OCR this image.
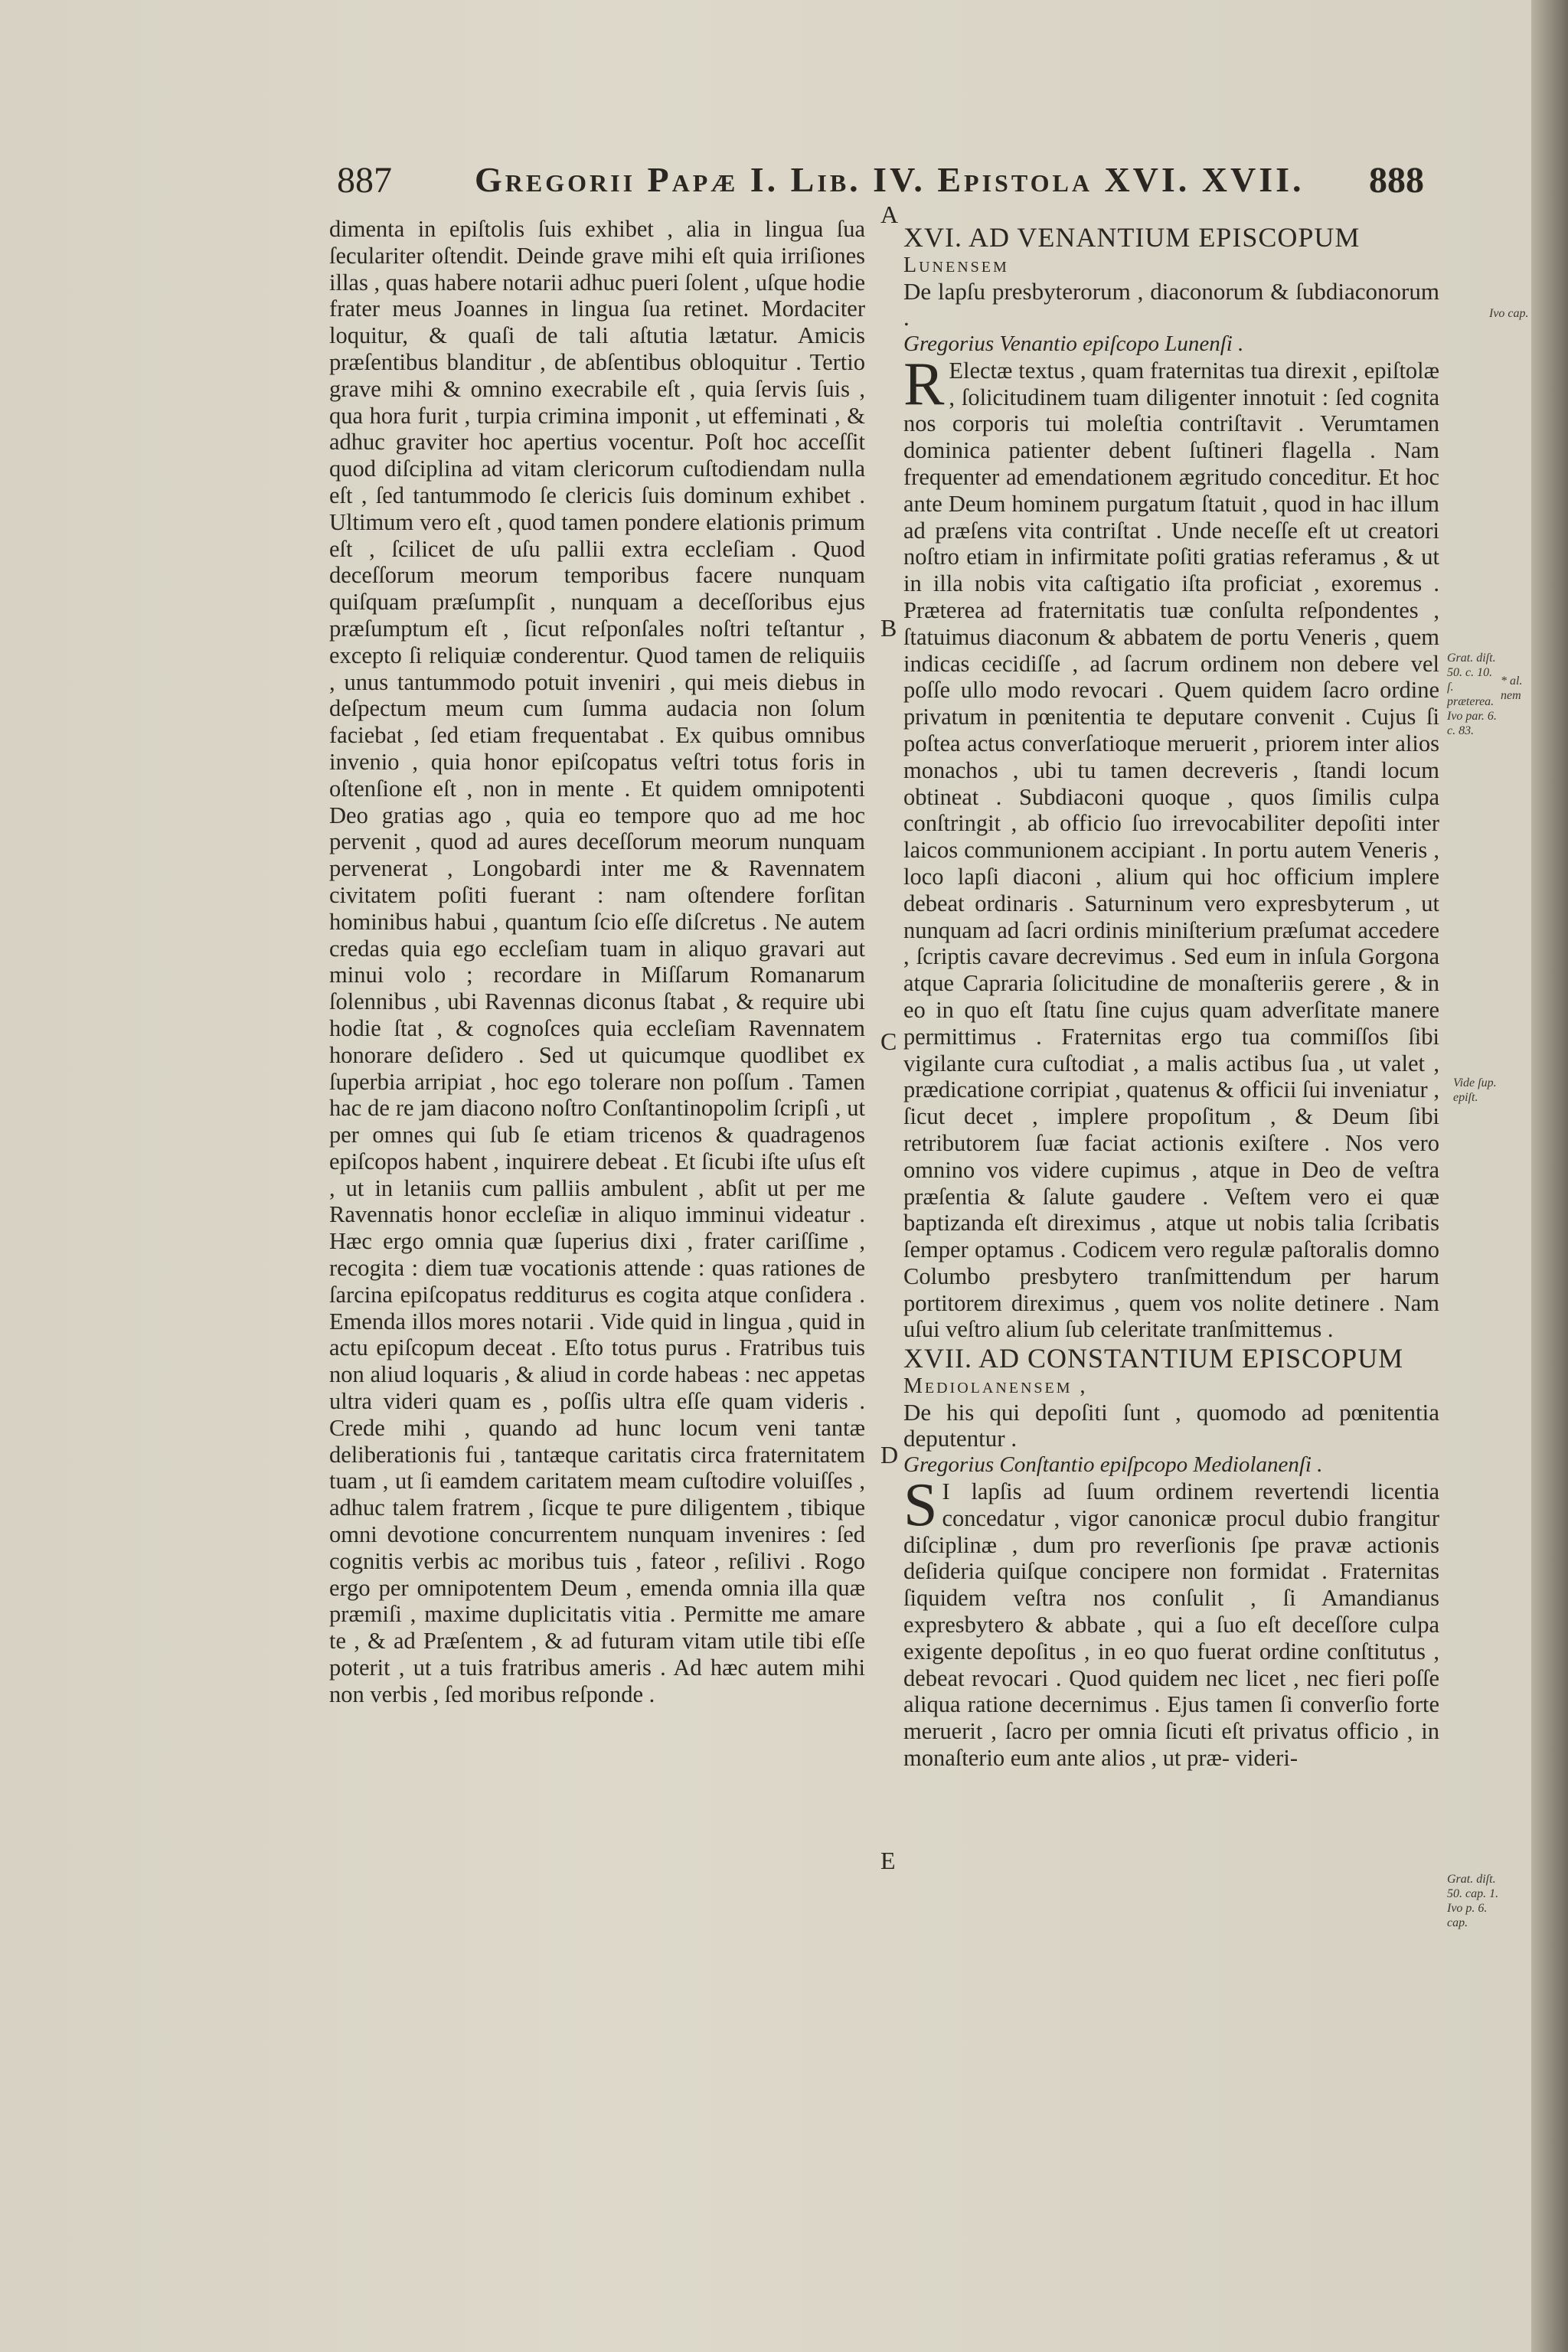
887 Gregorii Papæ I. Lib. IV. Epistola XVI. XVII. 888

dimenta in epiſtolis ſuis exhibet , alia in lingua ſua ſeculariter oſtendit. Deinde grave mihi eſt quia irriſiones illas , quas habere notarii adhuc pueri ſolent , uſque hodie frater meus Joannes in lingua ſua retinet. Mordaciter loquitur, & quaſi de tali aſtutia lætatur. Amicis præſentibus blanditur , de abſentibus obloquitur . Tertio grave mihi & omnino execrabile eſt , quia ſervis ſuis , qua hora furit , turpia crimina imponit , ut effeminati , & adhuc graviter hoc apertius vocentur. Poſt hoc acceſſit quod diſciplina ad vitam clericorum cuſtodiendam nulla eſt , ſed tantummodo ſe clericis ſuis dominum exhibet . Ultimum vero eſt , quod tamen pondere elationis primum eſt , ſcilicet de uſu pallii extra eccleſiam . Quod deceſſorum meorum temporibus facere nunquam quiſquam præſumpſit , nunquam a deceſſoribus ejus præſumptum eſt , ſicut reſponſales noſtri teſtantur , excepto ſi reliquiæ conderentur. Quod tamen de reliquiis , unus tantummodo potuit inveniri , qui meis diebus in deſpectum meum cum ſumma audacia non ſolum faciebat , ſed etiam frequentabat . Ex quibus omnibus invenio , quia honor epiſcopatus veſtri totus foris in oſtenſione eſt , non in mente . Et quidem omnipotenti Deo gratias ago , quia eo tempore quo ad me hoc pervenit , quod ad aures deceſſorum meorum nunquam pervenerat , Longobardi inter me & Ravennatem civitatem poſiti fuerant : nam oſtendere forſitan hominibus habui , quantum ſcio eſſe diſcretus . Ne autem credas quia ego eccleſiam tuam in aliquo gravari aut minui volo ; recordare in Miſſarum Romanarum ſolennibus , ubi Ravennas diconus ſtabat , & require ubi hodie ſtat , & cognoſces quia eccleſiam Ravennatem honorare deſidero . Sed ut quicumque quodlibet ex ſuperbia arripiat , hoc ego tolerare non poſſum . Tamen hac de re jam diacono noſtro Conſtantinopolim ſcripſi , ut per omnes qui ſub ſe etiam tricenos & quadragenos epiſcopos habent , inquirere debeat . Et ſicubi iſte uſus eſt , ut in letaniis cum palliis ambulent , abſit ut per me Ravennatis honor eccleſiæ in aliquo imminui videatur . Hæc ergo omnia quæ ſuperius dixi , frater cariſſime , recogita : diem tuæ vocationis attende : quas rationes de ſarcina epiſcopatus redditurus es cogita atque conſidera . Emenda illos mores notarii . Vide quid in lingua , quid in actu epiſcopum deceat . Eſto totus purus . Fratribus tuis non aliud loquaris , & aliud in corde habeas : nec appetas ultra videri quam es , poſſis ultra eſſe quam videris . Crede mihi , quando ad hunc locum veni tantæ deliberationis fui , tantæque caritatis circa fraternitatem tuam , ut ſi eamdem caritatem meam cuſtodire voluiſſes , adhuc talem fratrem , ſicque te pure diligentem , tibique omni devotione concurrentem nunquam invenires : ſed cognitis verbis ac moribus tuis , fateor , reſilivi . Rogo ergo per omnipotentem Deum , emenda omnia illa quæ præmiſi , maxime duplicitatis vitia . Permitte me amare te , & ad Præſentem , & ad futuram vitam utile tibi eſſe poterit , ut a tuis fratribus ameris . Ad hæc autem mihi non verbis , ſed moribus reſponde .

A
B
C
D
E

XVI. AD VENANTIUM EPISCOPUM

Lunensem

De lapſu presbyterorum , diaconorum & ſubdiaconorum .

Gregorius Venantio epiſcopo Lunenſi .

R Electæ textus , quam fraternitas tua direxit , epiſtolæ , ſolicitudinem tuam diligenter innotuit : ſed cognita nos corporis tui moleſtia contriſtavit . Verumtamen dominica patienter debent ſuſtineri flagella . Nam frequenter ad emendationem ægritudo conceditur. Et hoc ante Deum hominem purgatum ſtatuit , quod in hac illum ad præſens vita contriſtat . Unde neceſſe eſt ut creatori noſtro etiam in infirmitate poſiti gratias referamus , & ut in illa nobis vita caſtigatio iſta proficiat , exoremus . Præterea ad fraternitatis tuæ conſulta reſpondentes , ſtatuimus diaconum & abbatem de portu Veneris , quem indicas cecidiſſe , ad ſacrum ordinem non debere vel poſſe ullo modo revocari . Quem quidem ſacro ordine privatum in pœnitentia te deputare convenit . Cujus ſi poſtea actus converſatioque meruerit , priorem inter alios monachos , ubi tu tamen decreveris , ſtandi locum obtineat . Subdiaconi quoque , quos ſimilis culpa conſtringit , ab officio ſuo irrevocabiliter depoſiti inter laicos communionem accipiant . In portu autem Veneris , loco lapſi diaconi , alium qui hoc officium implere debeat ordinaris . Saturninum vero expresbyterum , ut nunquam ad ſacri ordinis miniſterium præſumat accedere , ſcriptis cavare decrevimus . Sed eum in inſula Gorgona atque Capraria ſolicitudine de monaſteriis gerere , & in eo in quo eſt ſtatu ſine cujus quam adverſitate manere permittimus . Fraternitas ergo tua commiſſos ſibi vigilante cura cuſtodiat , a malis actibus ſua , ut valet , prædicatione corripiat , quatenus & officii ſui inveniatur , ſicut decet , implere propoſitum , & Deum ſibi retributorem ſuæ faciat actionis exiſtere . Nos vero omnino vos videre cupimus , atque in Deo de veſtra præſentia & ſalute gaudere . Veſtem vero ei quæ baptizanda eſt direximus , atque ut nobis talia ſcribatis ſemper optamus . Codicem vero regulæ paſtoralis domno Columbo presbytero tranſmittendum per harum portitorem direximus , quem vos nolite detinere . Nam uſui veſtro alium ſub celeritate tranſmittemus .

XVII. AD CONSTANTIUM EPISCOPUM

Mediolanensem ,

De his qui depoſiti ſunt , quomodo ad pœnitentia deputentur .

Gregorius Conſtantio epiſpcopo Mediolanenſi .

S I lapſis ad ſuum ordinem revertendi licentia concedatur , vigor canonicæ procul dubio frangitur diſciplinæ , dum pro reverſionis ſpe pravæ actionis deſideria quiſque concipere non formidat . Fraternitas ſiquidem veſtra nos conſulit , ſi Amandianus expresbytero & abbate , qui a ſuo eſt deceſſore culpa exigente depoſitus , in eo quo fuerat ordine conſtitutus , debeat revocari . Quod quidem nec licet , nec fieri poſſe aliqua ratione decernimus . Ejus tamen ſi converſio forte meruerit , ſacro per omnia ſicuti eſt privatus officio , in monaſterio eum ante alios , ut præ- videri-

Ivo cap.
Grat. diſt. 50. c. 10. ſ. præterea. Ivo par. 6. c. 83.
* al. nem
Vide ſup. epiſt.
Grat. diſt. 50. cap. 1. Ivo p. 6. cap.
